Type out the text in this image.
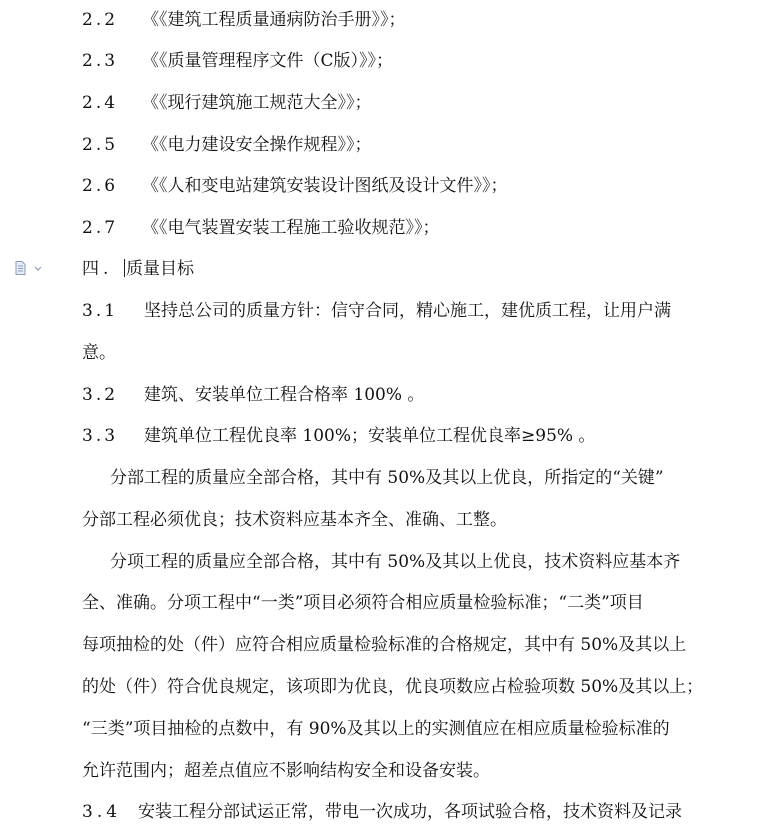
2.2 《《建筑工程质量通病防治手册》》；
2.3 《《质量管理程序文件（C版）》》；
2.4 《《现行建筑施工规范大全》》；
2.5 《《电力建设安全操作规程》》；
2.6 《《人和变电站建筑安装设计图纸及设计文件》》；
2.7 《《电气装置安装工程施工验收规范》》；
四. 质量目标
3.1 坚持总公司的质量方针：信守合同，精心施工，建优质工程，让用户满
意。
3.2 建筑、安装单位工程合格率 100% 。
3.3 建筑单位工程优良率 100%；安装单位工程优良率≥95% 。
分部工程的质量应全部合格，其中有 50%及其以上优良，所指定的“关键”
分部工程必须优良；技术资料应基本齐全、准确、工整。
分项工程的质量应全部合格，其中有 50%及其以上优良，技术资料应基本齐
全、准确。分项工程中“一类”项目必须符合相应质量检验标准；“二类”项目
每项抽检的处（件）应符合相应质量检验标准的合格规定，其中有 50%及其以上
的处（件）符合优良规定，该项即为优良，优良项数应占检验项数 50%及其以上；
“三类”项目抽检的点数中，有 90%及其以上的实测值应在相应质量检验标准的
允许范围内；超差点值应不影响结构安全和设备安装。
3.4 安装工程分部试运正常，带电一次成功，各项试验合格，技术资料及记录
